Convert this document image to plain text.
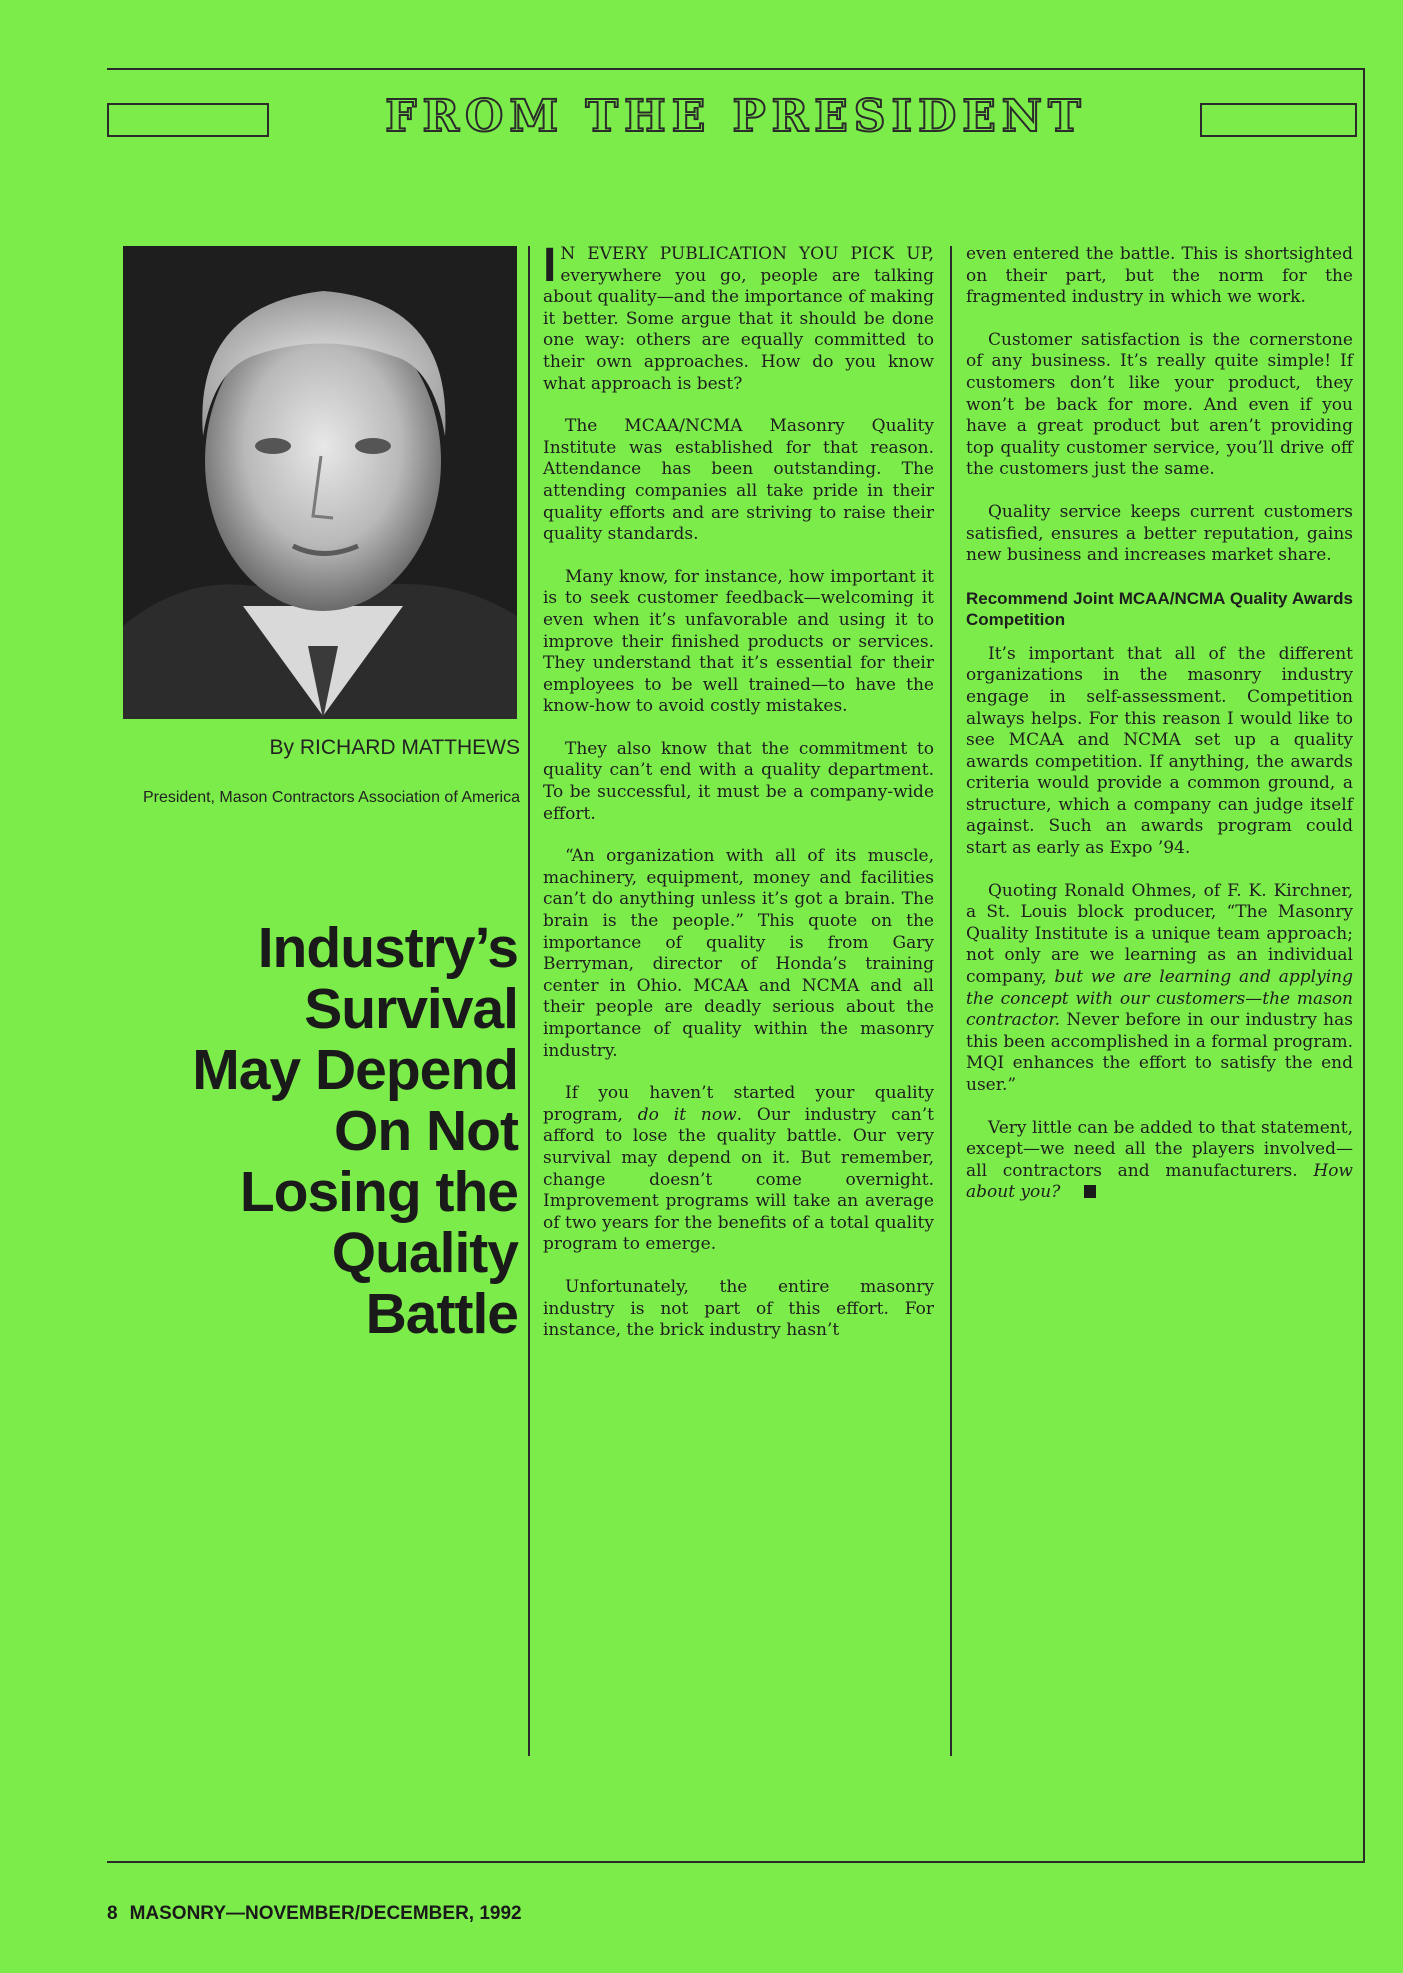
FROM THE PRESIDENT
By RICHARD MATTHEWS
President, Mason Contractors Association of America
Industry’s
Survival
May Depend
On Not
Losing the
Quality
Battle

I N EVERY PUBLICATION YOU PICK UP, everywhere you go, people are talking about quality—and the importance of making it better. Some argue that it should be done one way: others are equally committed to their own approaches. How do you know what approach is best?

The MCAA/NCMA Masonry Quality Institute was established for that reason. Attendance has been outstanding. The attending companies all take pride in their quality efforts and are striving to raise their quality standards.

Many know, for instance, how important it is to seek customer feedback—welcoming it even when it’s unfavorable and using it to improve their finished products or services. They understand that it’s essential for their employees to be well trained—to have the know-how to avoid costly mistakes.

They also know that the commitment to quality can’t end with a quality department. To be successful, it must be a company-wide effort.

“An organization with all of its muscle, machinery, equipment, money and facilities can’t do anything unless it’s got a brain. The brain is the people.” This quote on the importance of quality is from Gary Berryman, director of Honda’s training center in Ohio. MCAA and NCMA and all their people are deadly serious about the importance of quality within the masonry industry.

If you haven’t started your quality program, do it now. Our industry can’t afford to lose the quality battle. Our very survival may depend on it. But remember, change doesn’t come overnight. Improvement programs will take an average of two years for the benefits of a total quality program to emerge.

Unfortunately, the entire masonry industry is not part of this effort. For instance, the brick industry hasn’t

even entered the battle. This is shortsighted on their part, but the norm for the fragmented industry in which we work.

Customer satisfaction is the cornerstone of any business. It’s really quite simple! If customers don’t like your product, they won’t be back for more. And even if you have a great product but aren’t providing top quality customer service, you’ll drive off the customers just the same.

Quality service keeps current customers satisfied, ensures a better reputation, gains new business and increases market share.

Recommend Joint MCAA/NCMA Quality Awards Competition

It’s important that all of the different organizations in the masonry industry engage in self-assessment. Competition always helps. For this reason I would like to see MCAA and NCMA set up a quality awards competition. If anything, the awards criteria would provide a common ground, a structure, which a company can judge itself against. Such an awards program could start as early as Expo ’94.

Quoting Ronald Ohmes, of F. K. Kirchner, a St. Louis block producer, “The Masonry Quality Institute is a unique team approach; not only are we learning as an individual company, but we are learning and applying the concept with our customers—the mason contractor. Never before in our industry has this been accomplished in a formal program. MQI enhances the effort to satisfy the end user.”

Very little can be added to that statement, except—we need all the players involved—all contractors and manufacturers. How about you?

8 MASONRY—NOVEMBER/DECEMBER, 1992
